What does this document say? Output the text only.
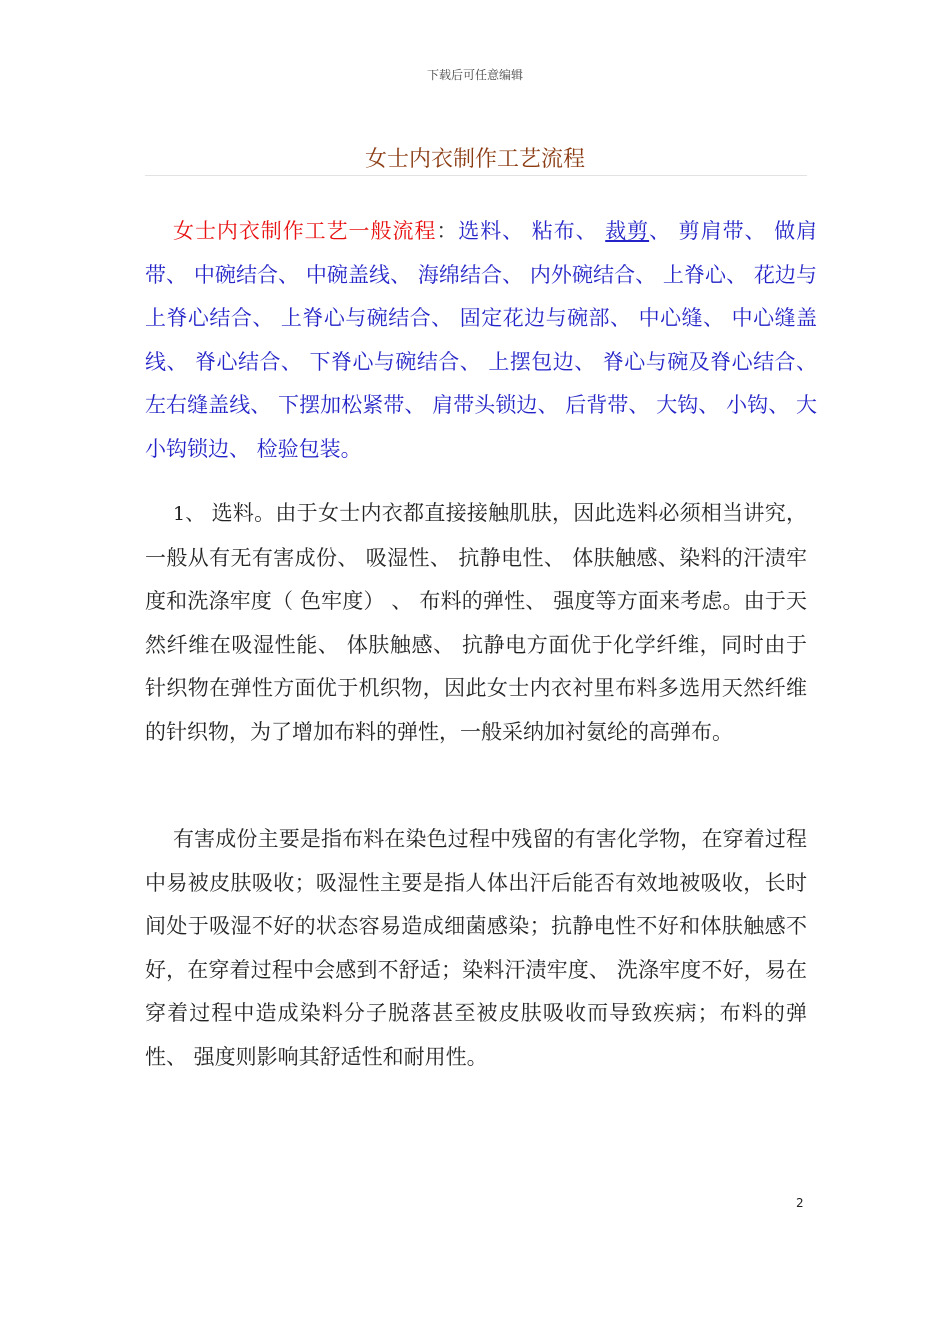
下载后可任意编辑
女士内衣制作工艺流程
女士内衣制作工艺一般流程：选料、 粘布、 裁剪、 剪肩带、 做肩带、 中碗结合、 中碗盖线、 海绵结合、 内外碗结合、 上脊心、 花边与上脊心结合、 上脊心与碗结合、 固定花边与碗部、 中心缝、 中心缝盖线、 脊心结合、 下脊心与碗结合、 上摆包边、 脊心与碗及脊心结合、 左右缝盖线、 下摆加松紧带、 肩带头锁边、 后背带、 大钩、 小钩、 大小钩锁边、 检验包装。
1、 选料。由于女士内衣都直接接触肌肤，因此选料必须相当讲究，一般从有无有害成份、 吸湿性、 抗静电性、 体肤触感、染料的汗渍牢度和洗涤牢度（ 色牢度） 、 布料的弹性、 强度等方面来考虑。由于天然纤维在吸湿性能、 体肤触感、 抗静电方面优于化学纤维，同时由于针织物在弹性方面优于机织物，因此女士内衣衬里布料多选用天然纤维的针织物，为了增加布料的弹性，一般采纳加衬氨纶的高弹布。
有害成份主要是指布料在染色过程中残留的有害化学物，在穿着过程中易被皮肤吸收；吸湿性主要是指人体出汗后能否有效地被吸收，长时间处于吸湿不好的状态容易造成细菌感染；抗静电性不好和体肤触感不好，在穿着过程中会感到不舒适；染料汗渍牢度、 洗涤牢度不好，易在穿着过程中造成染料分子脱落甚至被皮肤吸收而导致疾病；布料的弹性、 强度则影响其舒适性和耐用性。
2
